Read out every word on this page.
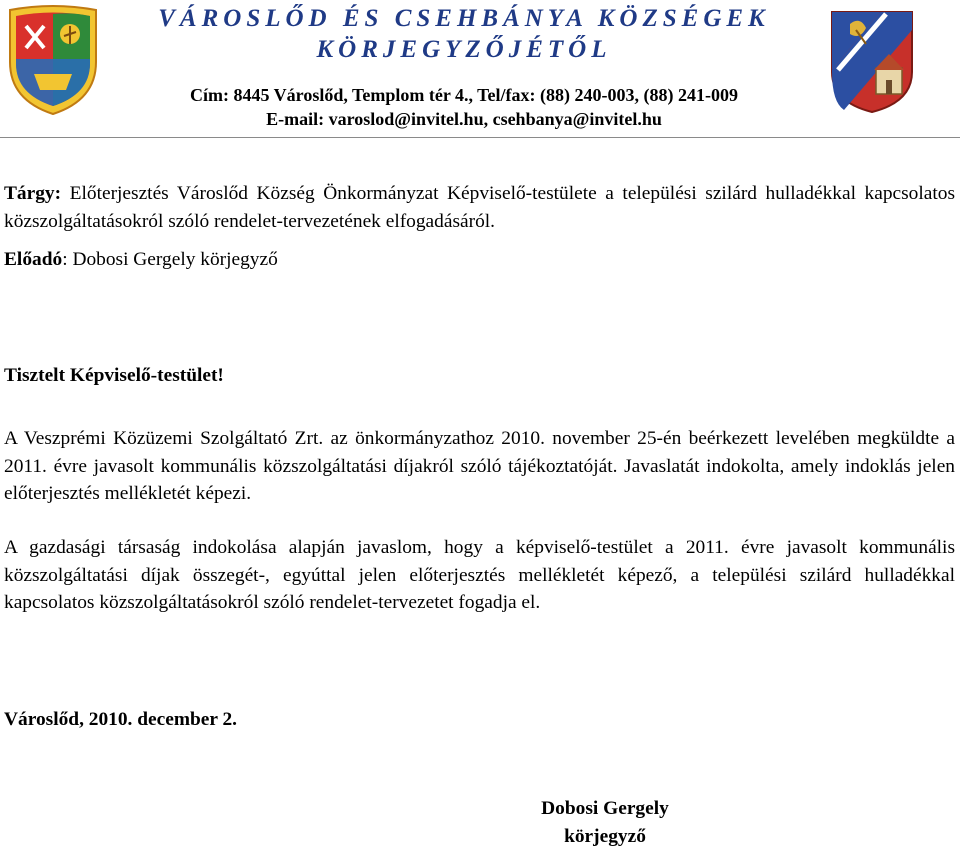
VÁROSLŐD ÉS CSEHBÁNYA KÖZSÉGEK
KÖRJEGYZŐJÉTŐL
Cím: 8445 Városlőd, Templom tér 4., Tel/fax: (88) 240-003, (88) 241-009
E-mail: varoslod@invitel.hu, csehbanya@invitel.hu
Tárgy: Előterjesztés Városlőd Község Önkormányzat Képviselő-testülete a települési szilárd hulladékkal kapcsolatos közszolgáltatásokról szóló rendelet-tervezetének elfogadásáról.
Előadó: Dobosi Gergely körjegyző
Tisztelt Képviselő-testület!
A Veszprémi Közüzemi Szolgáltató Zrt. az önkormányzathoz 2010. november 25-én beérkezett levelében megküldte a 2011. évre javasolt kommunális közszolgáltatási díjakról szóló tájékoztatóját. Javaslatát indokolta, amely indoklás jelen előterjesztés mellékletét képezi.
A gazdasági társaság indokolása alapján javaslom, hogy a képviselő-testület a 2011. évre javasolt kommunális közszolgáltatási díjak összegét-, egyúttal jelen előterjesztés mellékletét képező, a települési szilárd hulladékkal kapcsolatos közszolgáltatásokról szóló rendelet-tervezetet fogadja el.
Városlőd, 2010. december 2.
Dobosi Gergely
körjegyző
